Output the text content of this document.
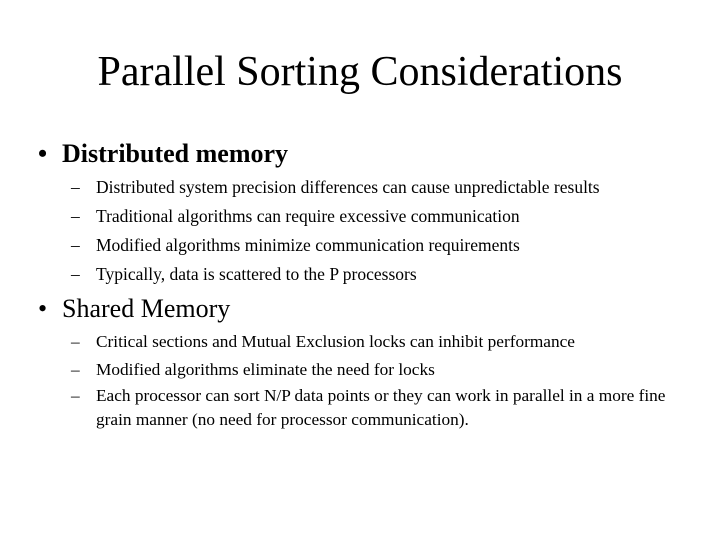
Parallel Sorting Considerations
• Distributed memory
– Distributed system precision differences can cause unpredictable results
– Traditional algorithms can require excessive communication
– Modified algorithms minimize communication requirements
– Typically, data is scattered to the P processors
• Shared Memory
– Critical sections and Mutual Exclusion locks can inhibit performance
– Modified algorithms eliminate the need for locks
– Each processor can sort N/P data points or they can work in parallel in a more fine grain manner (no need for processor communication).
